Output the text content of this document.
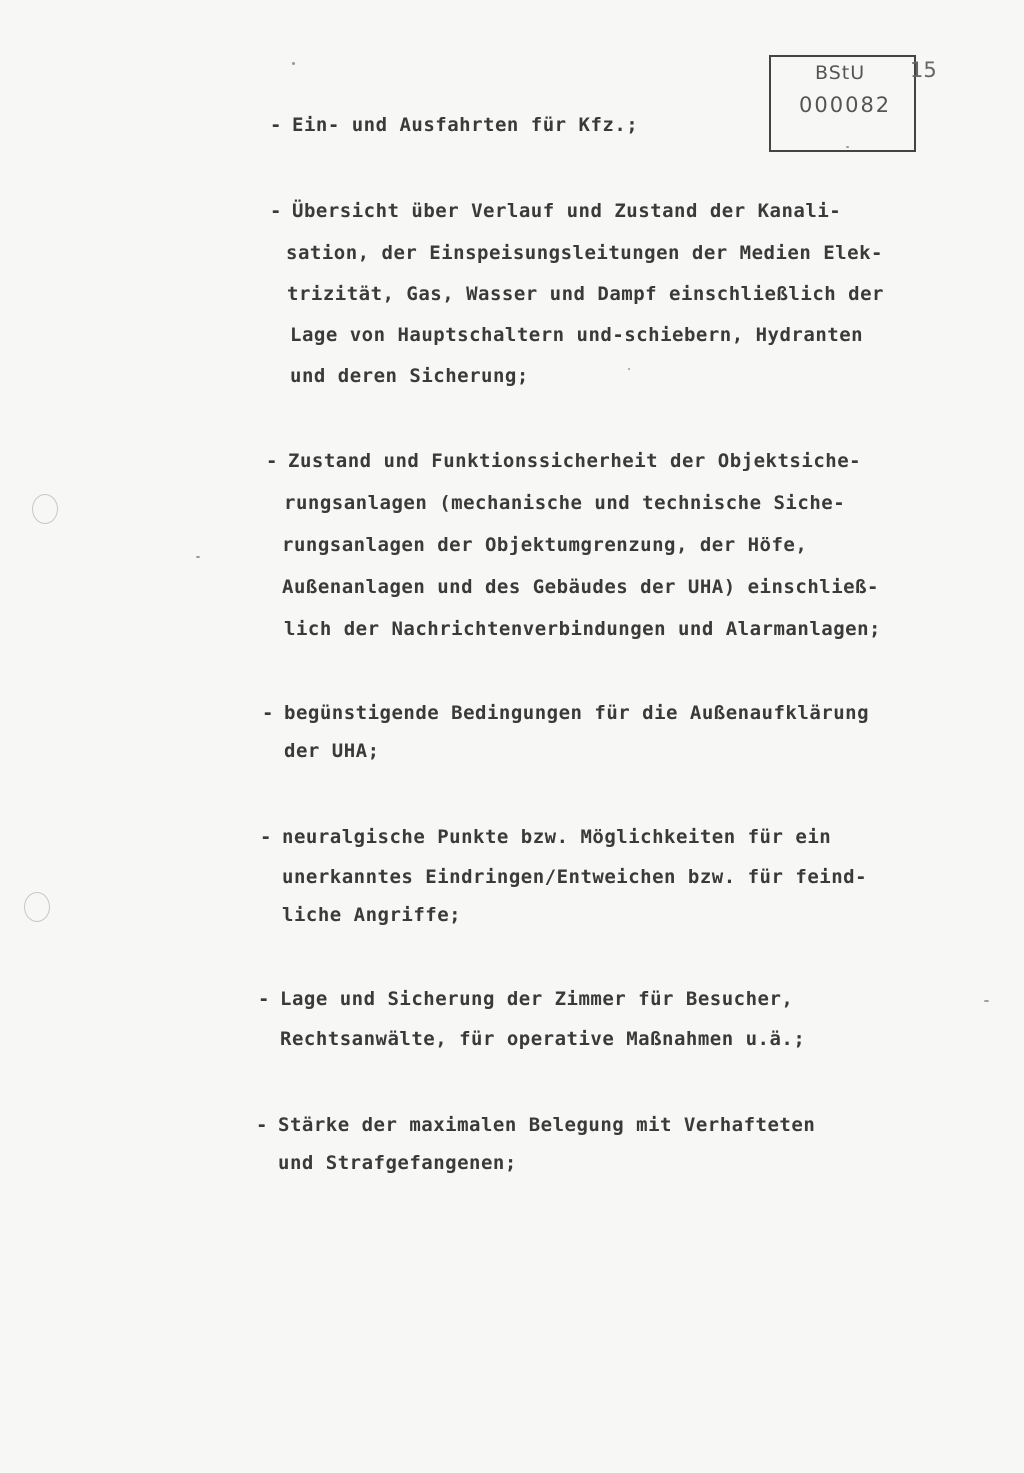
BStU
000082
15
- Ein- und Ausfahrten für Kfz.;
- Übersicht über Verlauf und Zustand der Kanali-
sation, der Einspeisungsleitungen der Medien Elek-
trizität, Gas, Wasser und Dampf einschließlich der
Lage von Hauptschaltern und-schiebern, Hydranten
und deren Sicherung;
- Zustand und Funktionssicherheit der Objektsiche-
rungsanlagen (mechanische und technische Siche-
rungsanlagen der Objektumgrenzung, der Höfe,
Außenanlagen und des Gebäudes der UHA) einschließ-
lich der Nachrichtenverbindungen und Alarmanlagen;
- begünstigende Bedingungen für die Außenaufklärung
der UHA;
- neuralgische Punkte bzw. Möglichkeiten für ein
unerkanntes Eindringen/Entweichen bzw. für feind-
liche Angriffe;
- Lage und Sicherung der Zimmer für Besucher,
Rechtsanwälte, für operative Maßnahmen u.ä.;
- Stärke der maximalen Belegung mit Verhafteten
und Strafgefangenen;
